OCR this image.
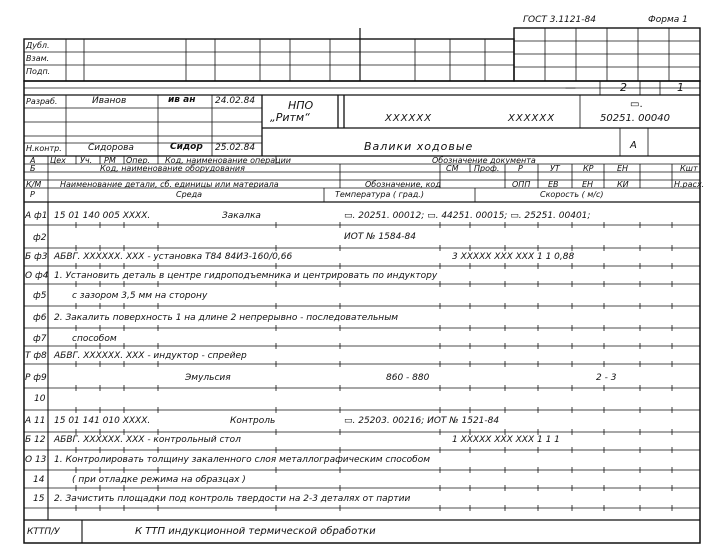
ГОСТ 3.1121-84	Форма 1
Дубл.
Взам.
Подп.
—	2	1
Разраб.	Иванов	ив ан 24.02.84
Н.контр.	Сидорова	Сидор 25.02.84
НПО
„Ритм“	XXXXXX	XXXXXX
▭.
50251. 00040
Валики ходовые	A
A Цех Уч. РМ Опер. Код, наименование операции	Обозначение документа
Б	Код, наименование оборудования	СМ Проф. Р	УТ	КР	ЕН	Кшт
К/М Наименование детали, сб. единицы или материала	Обозначение, код	ОПП ЕВ	ЕН	КИ	Н.расх.
Р	Среда	Температура ( град.)	Скорость ( м/с)
А ф1 15 01 140 005 XXXX.	Закалка	▭. 20251. 00012; ▭. 44251. 00015; ▭. 25251. 00401;
ф2	ИОТ № 1584-84
Б ф3 АБВГ. XXXXXX. XXX - установка Т84 84И3-160/0,66	3 XXXXX XXX XXX 1 1 0,88
О ф4 1. Установить деталь в центре гидроподъемника и центрировать по индуктору
ф5	с зазором 3,5 мм на сторону
ф6 2. Закалить поверхность 1 на длине 2 непрерывно - последовательным
ф7	способом
Т ф8 АБВГ. XXXXXX. XXX - индуктор - спрейер
Р ф9	Эмульсия	860 - 880	2 - 3
10
А 11 15 01 141 010 XXXX.	Контроль	▭. 25203. 00216; ИОТ № 1521-84
Б 12 АБВГ. XXXXXX. XXX - контрольный стол	1 XXXXX XXX XXX 1 1 1
О 13 1. Контролировать толщину закаленного слоя металлографическим способом
14	( при отладке режима на образцах )
15 2. Зачистить площадки под контроль твердости на 2-3 деталях от партии
КТТП/У	К ТТП индукционной термической обработки
